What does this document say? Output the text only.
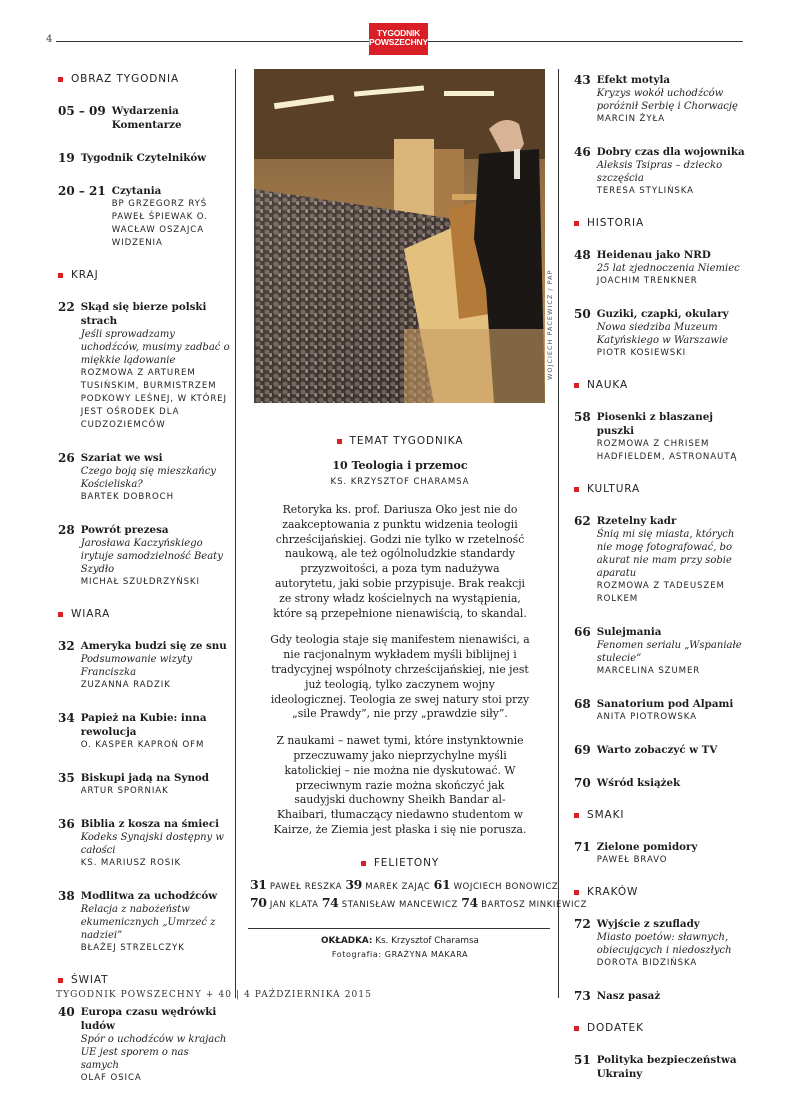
4
TYGODNIK
POWSZECHNY
OBRAZ TYGODNIA
05 – 09 Wydarzenia Komentarze
19 Tygodnik Czytelników
20 – 21 Czytania
BP GRZEGORZ RYŚ PAWEŁ ŚPIEWAK O. WACŁAW OSZAJCA WIDZENIA
KRAJ
22 Skąd się bierze polski strach
Jeśli sprowadzamy uchodźców, musimy zadbać o miękkie lądowanie
ROZMOWA Z ARTUREM TUSIŃSKIM, BURMISTRZEM PODKOWY LEŚNEJ, W KTÓREJ JEST OŚRODEK DLA CUDZOZIEMCÓW
26 Szariat we wsi
Czego boją się mieszkańcy Kościeliska?
BARTEK DOBROCH
28 Powrót prezesa
Jarosława Kaczyńskiego irytuje samodzielność Beaty Szydło
MICHAŁ SZUŁDRZYŃSKI
WIARA
32 Ameryka budzi się ze snu
Podsumowanie wizyty Franciszka
ZUZANNA RADZIK
34 Papież na Kubie: inna rewolucja
O. KASPER KAPROŃ OFM
35 Biskupi jadą na Synod
ARTUR SPORNIAK
36 Biblia z kosza na śmieci
Kodeks Synajski dostępny w całości
KS. MARIUSZ ROSIK
38 Modlitwa za uchodźców
Relacja z nabożeństw ekumenicznych „Umrzeć z nadziei”
BŁAŻEJ STRZELCZYK
ŚWIAT
40 Europa czasu wędrówki ludów
Spór o uchodźców w krajach UE jest sporem o nas samych
OLAF OSICA
WOJCIECH PACEWICZ / PAP
TEMAT TYGODNIKA
10 Teologia i przemoc
KS. KRZYSZTOF CHARAMSA

Retoryka ks. prof. Dariusza Oko jest nie do zaakceptowania z punktu widzenia teologii chrześcijańskiej. Godzi nie tylko w rzetelność naukową, ale też ogólnoludzkie standardy przyzwoitości, a poza tym nadużywa autorytetu, jaki sobie przypisuje. Brak reakcji ze strony władz kościelnych na wystąpienia, które są przepełnione nienawiścią, to skandal.

Gdy teologia staje się manifestem nienawiści, a nie racjonalnym wykładem myśli biblijnej i tradycyjnej wspólnoty chrześcijańskiej, nie jest już teologią, tylko zaczynem wojny ideologicznej. Teologia ze swej natury stoi przy „sile Prawdy”, nie przy „prawdzie siły”.

Z naukami – nawet tymi, które instynktownie przeczuwamy jako nieprzychylne myśli katolickiej – nie można nie dyskutować. W przeciwnym razie można skończyć jak saudyjski duchowny Sheikh Bandar al-Khaibari, tłumaczący niedawno studentom w Kairze, że Ziemia jest płaska i się nie porusza.

FELIETONY
31 PAWEŁ RESZKA 39 MAREK ZAJĄC 61 WOJCIECH BONOWICZ
70 JAN KLATA 74 STANISŁAW MANCEWICZ 74 BARTOSZ MINKIEWICZ
OKŁADKA: Ks. Krzysztof Charamsa
Fotografia: GRAŻYNA MAKARA
43 Efekt motyla
Kryzys wokół uchodźców poróżnił Serbię i Chorwację
MARCIN ŻYŁA
46 Dobry czas dla wojownika
Aleksis Tsipras – dziecko szczęścia
TERESA STYLIŃSKA
HISTORIA
48 Heidenau jako NRD
25 lat zjednoczenia Niemiec
JOACHIM TRENKNER
50 Guziki, czapki, okulary
Nowa siedziba Muzeum Katyńskiego w Warszawie
PIOTR KOSIEWSKI
NAUKA
58 Piosenki z blaszanej puszki
ROZMOWA Z CHRISEM HADFIELDEM, ASTRONAUTĄ
KULTURA
62 Rzetelny kadr
Śnią mi się miasta, których nie mogę fotografować, bo akurat nie mam przy sobie aparatu
ROZMOWA Z TADEUSZEM ROLKEM
66 Sulejmania
Fenomen serialu „Wspaniałe stulecie”
MARCELINA SZUMER
68 Sanatorium pod Alpami
ANITA PIOTROWSKA
69 Warto zobaczyć w TV
70 Wśród książek
SMAKI
71 Zielone pomidory
PAWEŁ BRAVO
KRAKÓW
72 Wyjście z szuflady
Miasto poetów: sławnych, obiecujących i niedoszłych
DOROTA BIDZIŃSKA
73 Nasz pasaż
DODATEK
51 Polityka bezpieczeństwa Ukrainy
TYGODNIK POWSZECHNY + 40 | 4 PAŹDZIERNIKA 2015
